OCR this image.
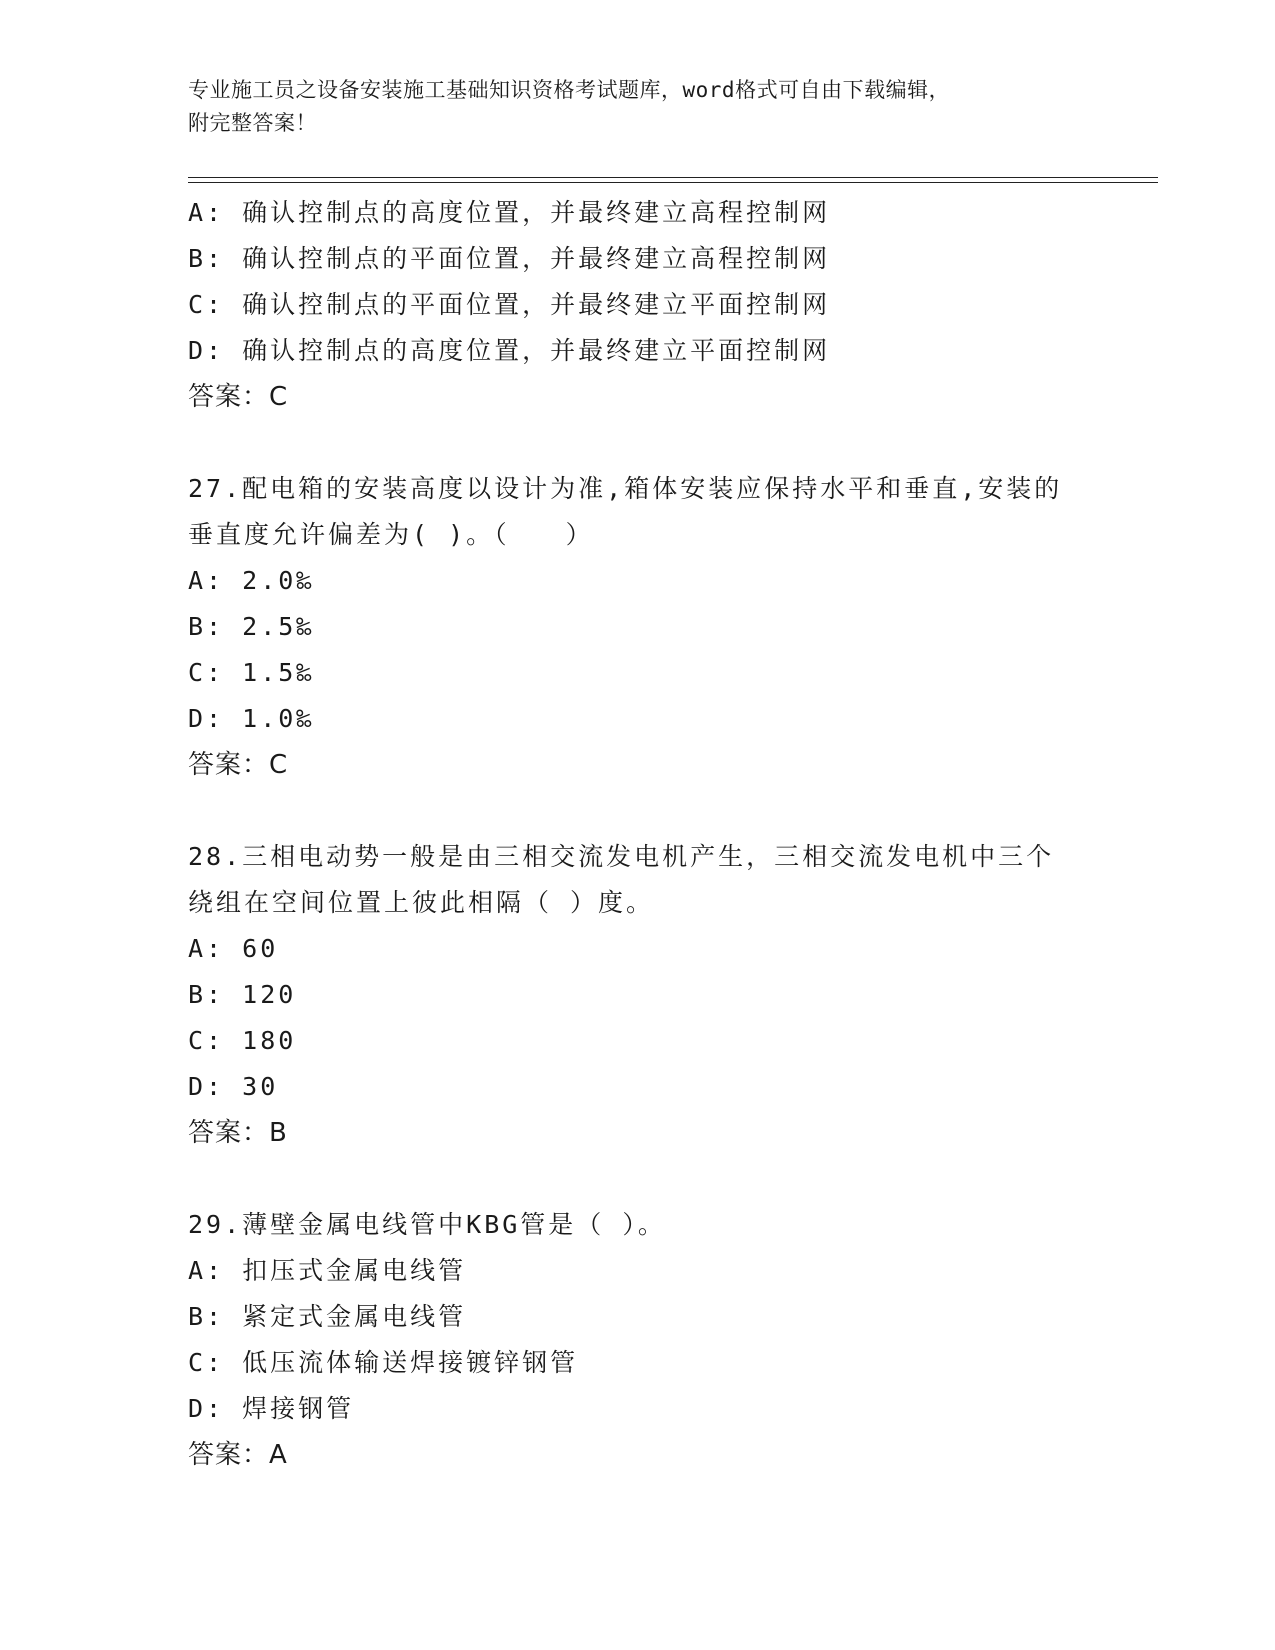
专业施工员之设备安装施工基础知识资格考试题库，word格式可自由下载编辑，
附完整答案！
A: 确认控制点的高度位置，并最终建立高程控制网
B: 确认控制点的平面位置，并最终建立高程控制网
C: 确认控制点的平面位置，并最终建立平面控制网
D: 确认控制点的高度位置，并最终建立平面控制网
答案：C
27.配电箱的安装高度以设计为准,箱体安装应保持水平和垂直,安装的
垂直度允许偏差为( )。（　　）
A: 2.0‰
B: 2.5‰
C: 1.5‰
D: 1.0‰
答案：C
28.三相电动势一般是由三相交流发电机产生，三相交流发电机中三个
绕组在空间位置上彼此相隔（ ）度。
A: 60
B: 120
C: 180
D: 30
答案：B
29.薄壁金属电线管中KBG管是（ ）。
A: 扣压式金属电线管
B: 紧定式金属电线管
C: 低压流体输送焊接镀锌钢管
D: 焊接钢管
答案：A
